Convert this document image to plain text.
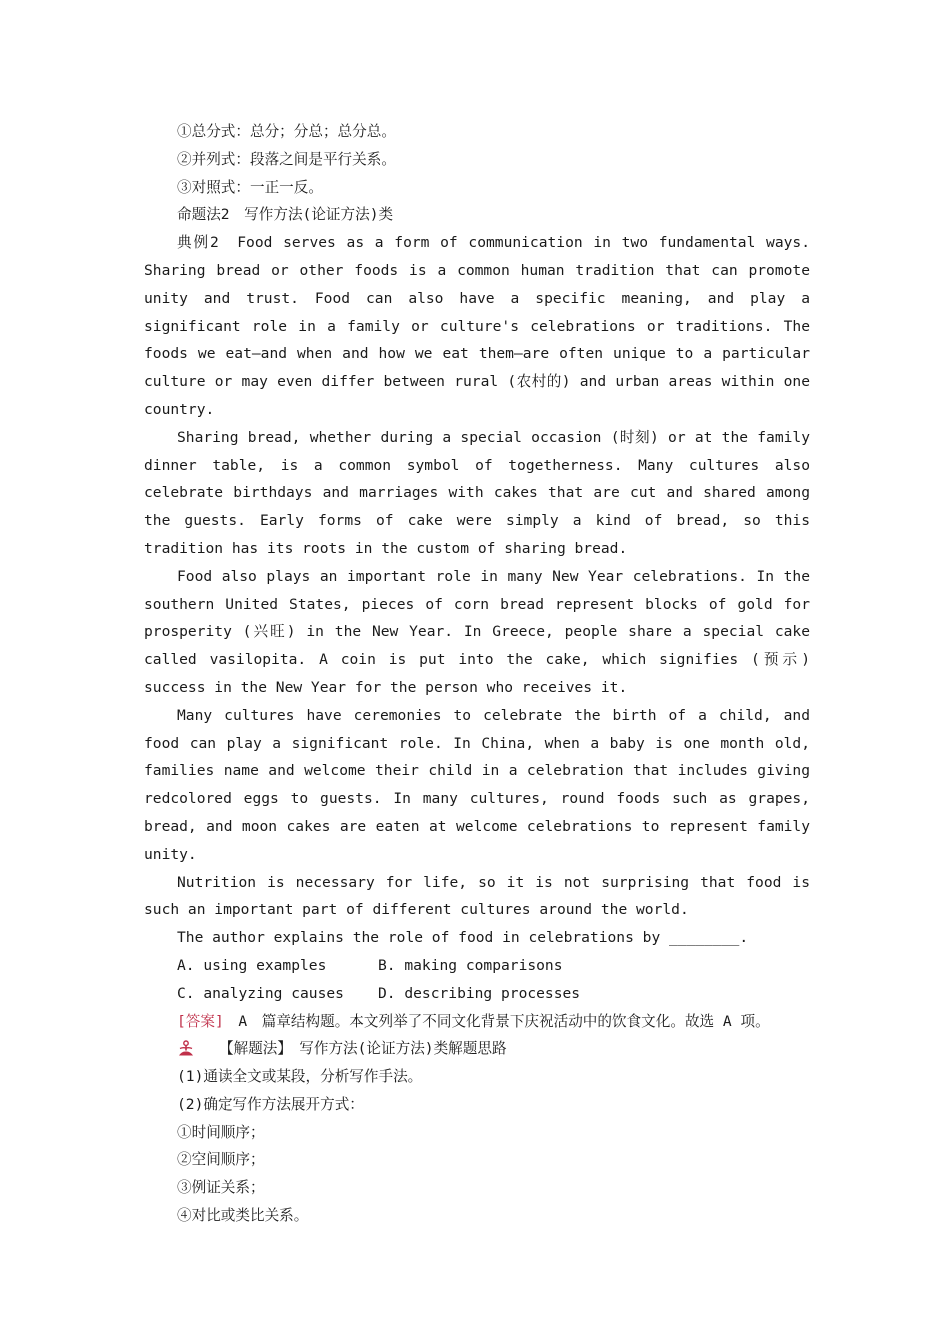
①总分式：总分；分总；总分总。
②并列式：段落之间是平行关系。
③对照式：一正一反。
命题法2　写作方法(论证方法)类

典例2　Food serves as a form of communication in two fundamental ways. Sharing bread or other foods is a common human tradition that can promote unity and trust. Food can also have a specific meaning, and play a significant role in a family or culture's celebrations or traditions. The foods we eat—and when and how we eat them—are often unique to a particular culture or may even differ between rural (农村的) and urban areas within one country.

Sharing bread, whether during a special occasion (时刻) or at the family dinner table, is a common symbol of togetherness. Many cultures also celebrate birthdays and marriages with cakes that are cut and shared among the guests. Early forms of cake were simply a kind of bread, so this tradition has its roots in the custom of sharing bread.

Food also plays an important role in many New Year celebrations. In the southern United States, pieces of corn bread represent blocks of gold for prosperity (兴旺) in the New Year. In Greece, people share a special cake called vasilopita. A coin is put into the cake, which signifies (预示) success in the New Year for the person who receives it.

Many cultures have ceremonies to celebrate the birth of a child, and food can play a significant role. In China, when a baby is one month old, families name and welcome their child in a celebration that includes giving redcolored eggs to guests. In many cultures, round foods such as grapes, bread, and moon cakes are eaten at welcome celebrations to represent family unity.

Nutrition is necessary for life, so it is not surprising that food is such an important part of different cultures around the world.

The author explains the role of food in celebrations by ________.
A. using examples	B. making comparisons
C. analyzing causes	D. describing processes

[答案]　A　篇章结构题。本文列举了不同文化背景下庆祝活动中的饮食文化。故选 A 项。

【解题法】　写作方法(论证方法)类解题思路
(1)通读全文或某段，分析写作手法。
(2)确定写作方法展开方式：
①时间顺序；
②空间顺序；
③例证关系；
④对比或类比关系。
